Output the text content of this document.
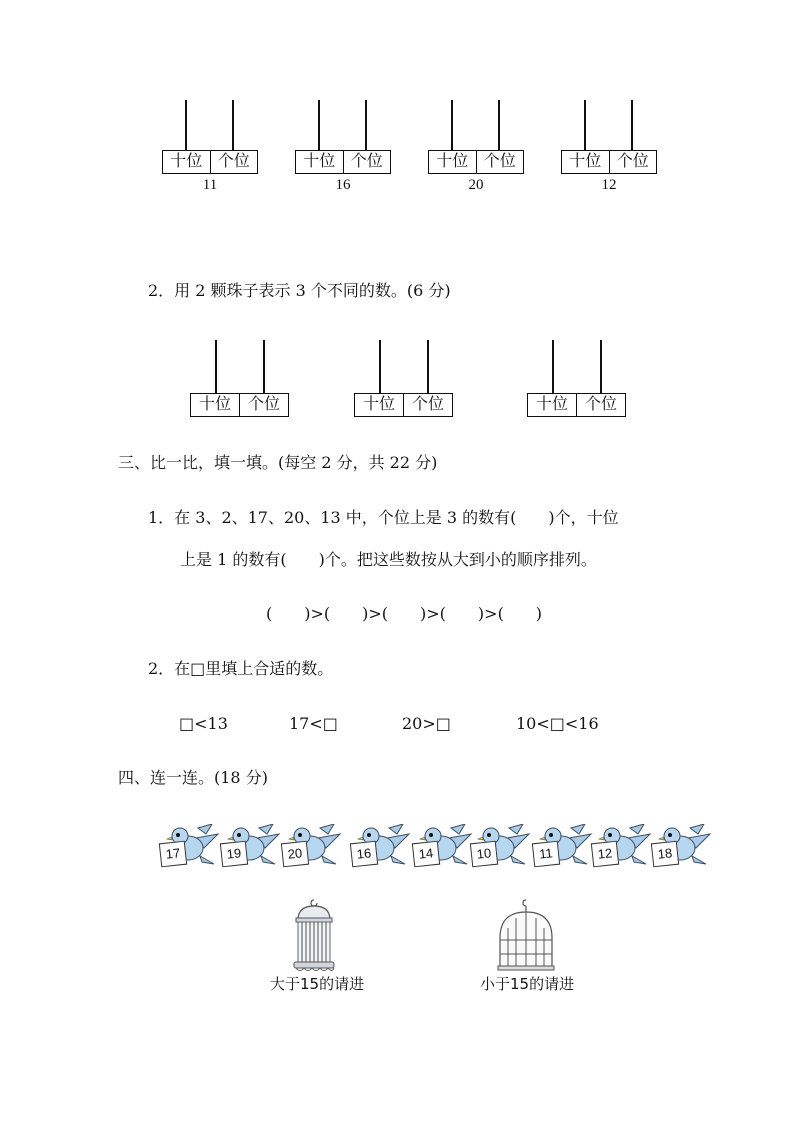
十位 个位
11
十位 个位
16
十位 个位
20
十位 个位
12
2．用 2 颗珠子表示 3 个不同的数。(6 分)
十位	个位	十位	个位	十位	个位
三、比一比，填一填。(每空 2 分，共 22 分)
1．在 3、2、17、20、13 中，个位上是 3 的数有(　　)个，十位
上是 1 的数有(　　)个。把这些数按从大到小的顺序排列。
(　　)>(　　)>(　　)>(　　)>(　　)
2．在□里填上合适的数。
□<13	17<□	20>□	10<□<16
四、连一连。(18 分)
17	19	20	16	14	10	11	12	18
大于15的请进	小于15的请进
